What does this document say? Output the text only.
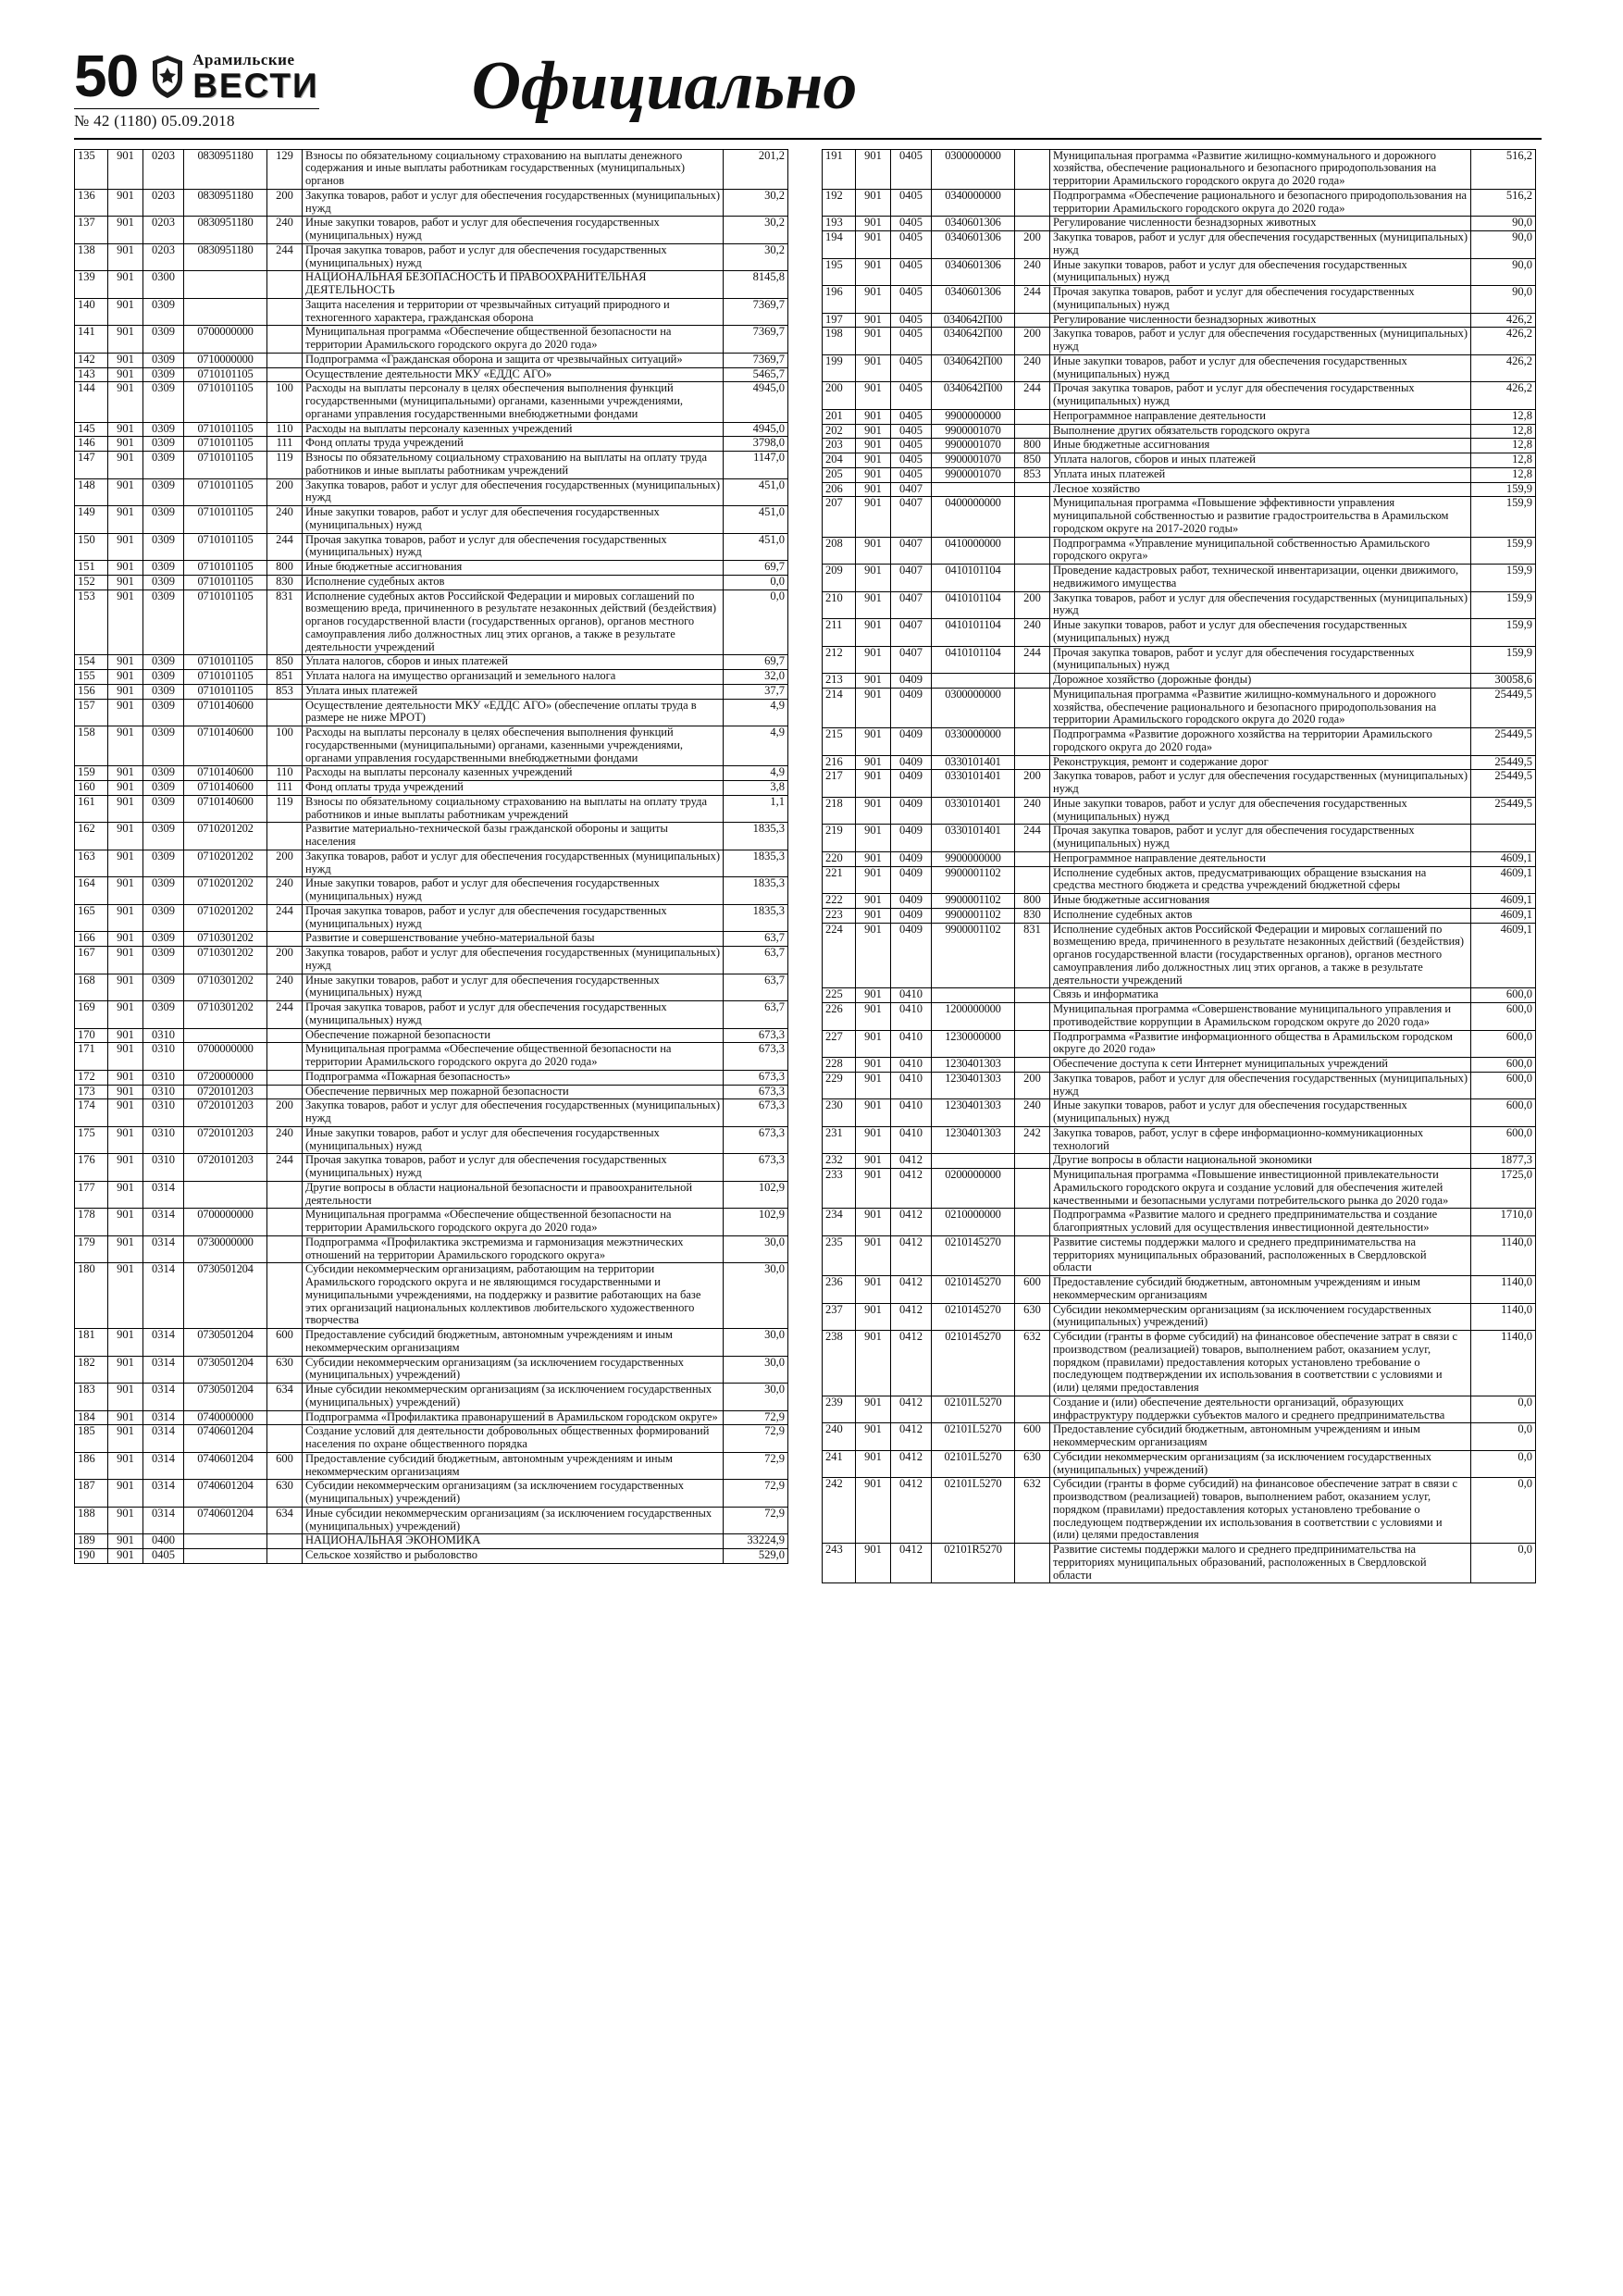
50	Арамильские
ВЕСТИ
№ 42 (1180) 05.09.2018	Официально
135	901	0203	0830951180	129	Взносы по обязательному социальному страхованию на выплаты денежного содержания и иные выплаты работникам государственных (муниципальных) органов	201,2
136	901	0203	0830951180	200	Закупка товаров, работ и услуг для обеспечения государственных (муниципальных) нужд	30,2
137	901	0203	0830951180	240	Иные закупки товаров, работ и услуг для обеспечения государственных (муниципальных) нужд	30,2
138	901	0203	0830951180	244	Прочая закупка товаров, работ и услуг для обеспечения государственных (муниципальных) нужд	30,2
139	901	0300			НАЦИОНАЛЬНАЯ БЕЗОПАСНОСТЬ И ПРАВООХРАНИТЕЛЬНАЯ ДЕЯТЕЛЬНОСТЬ	8145,8
140	901	0309			Защита населения и территории от чрезвычайных ситуаций природного и техногенного характера, гражданская оборона	7369,7
141	901	0309	0700000000		Муниципальная программа «Обеспечение общественной безопасности на территории Арамильского городского округа до 2020 года»	7369,7
142	901	0309	0710000000		Подпрограмма «Гражданская оборона и защита от чрезвычайных ситуаций»	7369,7
143	901	0309	0710101105		Осуществление деятельности МКУ «ЕДДС АГО»	5465,7
144	901	0309	0710101105	100	Расходы на выплаты персоналу в целях обеспечения выполнения функций государственными (муниципальными) органами, казенными учреждениями, органами управления государственными внебюджетными фондами	4945,0
145	901	0309	0710101105	110	Расходы на выплаты персоналу казенных учреждений	4945,0
146	901	0309	0710101105	111	Фонд оплаты труда учреждений	3798,0
147	901	0309	0710101105	119	Взносы по обязательному социальному страхованию на выплаты на оплату труда работников и иные выплаты работникам учреждений	1147,0
148	901	0309	0710101105	200	Закупка товаров, работ и услуг для обеспечения государственных (муниципальных) нужд	451,0
149	901	0309	0710101105	240	Иные закупки товаров, работ и услуг для обеспечения государственных (муниципальных) нужд	451,0
150	901	0309	0710101105	244	Прочая закупка товаров, работ и услуг для обеспечения государственных (муниципальных) нужд	451,0
151	901	0309	0710101105	800	Иные бюджетные ассигнования	69,7
152	901	0309	0710101105	830	Исполнение судебных актов	0,0
153	901	0309	0710101105	831	Исполнение судебных актов Российской Федерации и мировых соглашений по возмещению вреда, причиненного в результате незаконных действий (бездействия) органов государственной власти (государственных органов), органов местного самоуправления либо должностных лиц этих органов, а также в результате деятельности учреждений	0,0
154	901	0309	0710101105	850	Уплата налогов, сборов и иных платежей	69,7
155	901	0309	0710101105	851	Уплата налога на имущество организаций и земельного налога	32,0
156	901	0309	0710101105	853	Уплата иных платежей	37,7
157	901	0309	0710140600		Осуществление деятельности МКУ «ЕДДС АГО» (обеспечение оплаты труда в размере не ниже МРОТ)	4,9
158	901	0309	0710140600	100	Расходы на выплаты персоналу в целях обеспечения выполнения функций государственными (муниципальными) органами, казенными учреждениями, органами управления государственными внебюджетными фондами	4,9
159	901	0309	0710140600	110	Расходы на выплаты персоналу казенных учреждений	4,9
160	901	0309	0710140600	111	Фонд оплаты труда учреждений	3,8
161	901	0309	0710140600	119	Взносы по обязательному социальному страхованию на выплаты на оплату труда работников и иные выплаты работникам учреждений	1,1
162	901	0309	0710201202		Развитие материально-технической базы гражданской обороны и защиты населения	1835,3
163	901	0309	0710201202	200	Закупка товаров, работ и услуг для обеспечения государственных (муниципальных) нужд	1835,3
164	901	0309	0710201202	240	Иные закупки товаров, работ и услуг для обеспечения государственных (муниципальных) нужд	1835,3
165	901	0309	0710201202	244	Прочая закупка товаров, работ и услуг для обеспечения государственных (муниципальных) нужд	1835,3
166	901	0309	0710301202		Развитие и совершенствование учебно-материальной базы	63,7
167	901	0309	0710301202	200	Закупка товаров, работ и услуг для обеспечения государственных (муниципальных) нужд	63,7
168	901	0309	0710301202	240	Иные закупки товаров, работ и услуг для обеспечения государственных (муниципальных) нужд	63,7
169	901	0309	0710301202	244	Прочая закупка товаров, работ и услуг для обеспечения государственных (муниципальных) нужд	63,7
170	901	0310			Обеспечение пожарной безопасности	673,3
171	901	0310	0700000000		Муниципальная программа «Обеспечение общественной безопасности на территории Арамильского городского округа до 2020 года»	673,3
172	901	0310	0720000000		Подпрограмма «Пожарная безопасность»	673,3
173	901	0310	0720101203		Обеспечение первичных мер пожарной безопасности	673,3
174	901	0310	0720101203	200	Закупка товаров, работ и услуг для обеспечения государственных (муниципальных) нужд	673,3
175	901	0310	0720101203	240	Иные закупки товаров, работ и услуг для обеспечения государственных (муниципальных) нужд	673,3
176	901	0310	0720101203	244	Прочая закупка товаров, работ и услуг для обеспечения государственных (муниципальных) нужд	673,3
177	901	0314			Другие вопросы в области национальной безопасности и правоохранительной деятельности	102,9
178	901	0314	0700000000		Муниципальная программа «Обеспечение общественной безопасности на территории Арамильского городского округа до 2020 года»	102,9
179	901	0314	0730000000		Подпрограмма «Профилактика экстремизма и гармонизация межэтнических отношений на территории Арамильского городского округа»	30,0
180	901	0314	0730501204		Субсидии некоммерческим организациям, работающим на территории Арамильского городского округа и не являющимся государственными и муниципальными учреждениями, на поддержку и развитие работающих на базе этих организаций национальных коллективов любительского художественного творчества	30,0
181	901	0314	0730501204	600	Предоставление субсидий бюджетным, автономным учреждениям и иным некоммерческим организациям	30,0
182	901	0314	0730501204	630	Субсидии некоммерческим организациям (за исключением государственных (муниципальных) учреждений)	30,0
183	901	0314	0730501204	634	Иные субсидии некоммерческим организациям (за исключением государственных (муниципальных) учреждений)	30,0
184	901	0314	0740000000		Подпрограмма «Профилактика правонарушений в Арамильском городском округе»	72,9
185	901	0314	0740601204		Создание условий для деятельности добровольных общественных формирований населения по охране общественного порядка	72,9
186	901	0314	0740601204	600	Предоставление субсидий бюджетным, автономным учреждениям и иным некоммерческим организациям	72,9
187	901	0314	0740601204	630	Субсидии некоммерческим организациям (за исключением государственных (муниципальных) учреждений)	72,9
188	901	0314	0740601204	634	Иные субсидии некоммерческим организациям (за исключением государственных (муниципальных) учреждений)	72,9
189	901	0400			НАЦИОНАЛЬНАЯ ЭКОНОМИКА	33224,9
190	901	0405			Сельское хозяйство и рыболовство	529,0
191	901	0405	0300000000		Муниципальная программа «Развитие жилищно-коммунального и дорожного хозяйства, обеспечение рационального и безопасного природопользования на территории Арамильского городского округа до 2020 года»	516,2
192	901	0405	0340000000		Подпрограмма «Обеспечение рационального и безопасного природопользования на территории Арамильского городского округа до 2020 года»	516,2
193	901	0405	0340601306		Регулирование численности безнадзорных животных	90,0
194	901	0405	0340601306	200	Закупка товаров, работ и услуг для обеспечения государственных (муниципальных) нужд	90,0
195	901	0405	0340601306	240	Иные закупки товаров, работ и услуг для обеспечения государственных (муниципальных) нужд	90,0
196	901	0405	0340601306	244	Прочая закупка товаров, работ и услуг для обеспечения государственных (муниципальных) нужд	90,0
197	901	0405	0340642П00		Регулирование численности безнадзорных животных	426,2
198	901	0405	0340642П00	200	Закупка товаров, работ и услуг для обеспечения государственных (муниципальных) нужд	426,2
199	901	0405	0340642П00	240	Иные закупки товаров, работ и услуг для обеспечения государственных (муниципальных) нужд	426,2
200	901	0405	0340642П00	244	Прочая закупка товаров, работ и услуг для обеспечения государственных (муниципальных) нужд	426,2
201	901	0405	9900000000		Непрограммное направление деятельности	12,8
202	901	0405	9900001070		Выполнение других обязательств городского округа	12,8
203	901	0405	9900001070	800	Иные бюджетные ассигнования	12,8
204	901	0405	9900001070	850	Уплата налогов, сборов и иных платежей	12,8
205	901	0405	9900001070	853	Уплата иных платежей	12,8
206	901	0407			Лесное хозяйство	159,9
207	901	0407	0400000000		Муниципальная программа «Повышение эффективности управления муниципальной собственностью и развитие градостроительства в Арамильском городском округе на 2017-2020 годы»	159,9
208	901	0407	0410000000		Подпрограмма «Управление муниципальной собственностью Арамильского городского округа»	159,9
209	901	0407	0410101104		Проведение кадастровых работ, технической инвентаризации, оценки движимого, недвижимого имущества	159,9
210	901	0407	0410101104	200	Закупка товаров, работ и услуг для обеспечения государственных (муниципальных) нужд	159,9
211	901	0407	0410101104	240	Иные закупки товаров, работ и услуг для обеспечения государственных (муниципальных) нужд	159,9
212	901	0407	0410101104	244	Прочая закупка товаров, работ и услуг для обеспечения государственных (муниципальных) нужд	159,9
213	901	0409			Дорожное хозяйство (дорожные фонды)	30058,6
214	901	0409	0300000000		Муниципальная программа «Развитие жилищно-коммунального и дорожного хозяйства, обеспечение рационального и безопасного природопользования на территории Арамильского городского округа до 2020 года»	25449,5
215	901	0409	0330000000		Подпрограмма «Развитие дорожного хозяйства на территории Арамильского городского округа до 2020 года»	25449,5
216	901	0409	0330101401		Реконструкция, ремонт и содержание дорог	25449,5
217	901	0409	0330101401	200	Закупка товаров, работ и услуг для обеспечения государственных (муниципальных) нужд	25449,5
218	901	0409	0330101401	240	Иные закупки товаров, работ и услуг для обеспечения государственных (муниципальных) нужд	25449,5
219	901	0409	0330101401	244	Прочая закупка товаров, работ и услуг для обеспечения государственных (муниципальных) нужд	
220	901	0409	9900000000		Непрограммное направление деятельности	4609,1
221	901	0409	9900001102		Исполнение судебных актов, предусматривающих обращение взыскания на средства местного бюджета и средства учреждений бюджетной сферы	4609,1
222	901	0409	9900001102	800	Иные бюджетные ассигнования	4609,1
223	901	0409	9900001102	830	Исполнение судебных актов	4609,1
224	901	0409	9900001102	831	Исполнение судебных актов Российской Федерации и мировых соглашений по возмещению вреда, причиненного в результате незаконных действий (бездействия) органов государственной власти (государственных органов), органов местного самоуправления либо должностных лиц этих органов, а также в результате деятельности учреждений	4609,1
225	901	0410			Связь и информатика	600,0
226	901	0410	1200000000		Муниципальная программа «Совершенствование муниципального управления и противодействие коррупции в Арамильском городском округе до 2020 года»	600,0
227	901	0410	1230000000		Подпрограмма «Развитие информационного общества в Арамильском городском округе до 2020 года»	600,0
228	901	0410	1230401303		Обеспечение доступа к сети Интернет муниципальных учреждений	600,0
229	901	0410	1230401303	200	Закупка товаров, работ и услуг для обеспечения государственных (муниципальных) нужд	600,0
230	901	0410	1230401303	240	Иные закупки товаров, работ и услуг для обеспечения государственных (муниципальных) нужд	600,0
231	901	0410	1230401303	242	Закупка товаров, работ, услуг в сфере информационно-коммуникационных технологий	600,0
232	901	0412			Другие вопросы в области национальной экономики	1877,3
233	901	0412	0200000000		Муниципальная программа «Повышение инвестиционной привлекательности Арамильского городского округа и создание условий для обеспечения жителей качественными и безопасными услугами потребительского рынка до 2020 года»	1725,0
234	901	0412	0210000000		Подпрограмма «Развитие малого и среднего предпринимательства и создание благоприятных условий для осуществления инвестиционной деятельности»	1710,0
235	901	0412	0210145270		Развитие системы поддержки малого и среднего предпринимательства на территориях муниципальных образований, расположенных в Свердловской области	1140,0
236	901	0412	0210145270	600	Предоставление субсидий бюджетным, автономным учреждениям и иным некоммерческим организациям	1140,0
237	901	0412	0210145270	630	Субсидии некоммерческим организациям (за исключением государственных (муниципальных) учреждений)	1140,0
238	901	0412	0210145270	632	Субсидии (гранты в форме субсидий) на финансовое обеспечение затрат в связи с производством (реализацией) товаров, выполнением работ, оказанием услуг, порядком (правилами) предоставления которых установлено требование о последующем подтверждении их использования в соответствии с условиями и (или) целями предоставления	1140,0
239	901	0412	02101L5270		Создание и (или) обеспечение деятельности организаций, образующих инфраструктуру поддержки субъектов малого и среднего предпринимательства	0,0
240	901	0412	02101L5270	600	Предоставление субсидий бюджетным, автономным учреждениям и иным некоммерческим организациям	0,0
241	901	0412	02101L5270	630	Субсидии некоммерческим организациям (за исключением государственных (муниципальных) учреждений)	0,0
242	901	0412	02101L5270	632	Субсидии (гранты в форме субсидий) на финансовое обеспечение затрат в связи с производством (реализацией) товаров, выполнением работ, оказанием услуг, порядком (правилами) предоставления которых установлено требование о последующем подтверждении их использования в соответствии с условиями и (или) целями предоставления	0,0
243	901	0412	02101R5270		Развитие системы поддержки малого и среднего предпринимательства на территориях муниципальных образований, расположенных в Свердловской области	0,0
